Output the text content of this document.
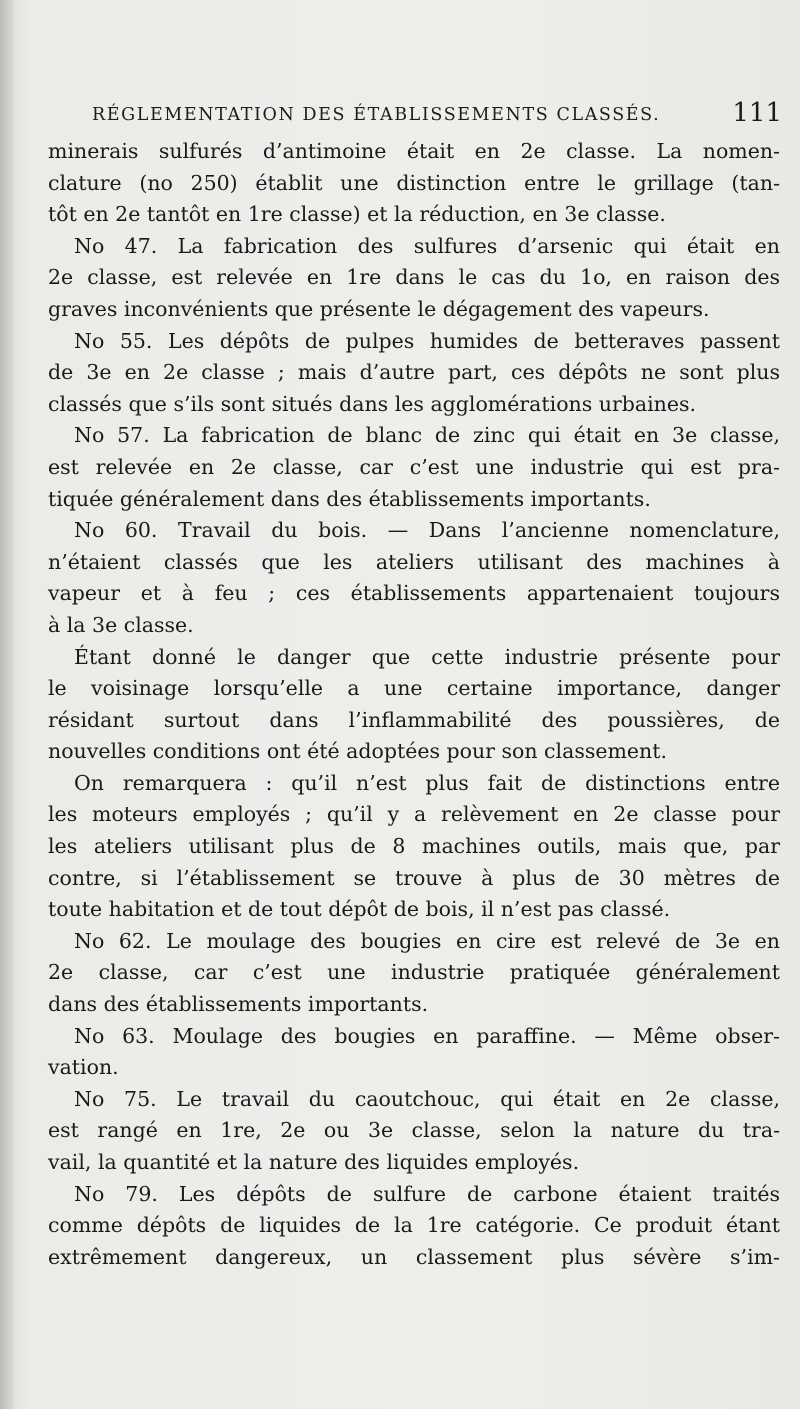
RÉGLEMENTATION DES ÉTABLISSEMENTS CLASSÉS.	111
minerais sulfurés d’antimoine était en 2e classe. La nomen-
clature (no 250) établit une distinction entre le grillage (tan-
tôt en 2e tantôt en 1re classe) et la réduction, en 3e classe.
No 47. La fabrication des sulfures d’arsenic qui était en
2e classe, est relevée en 1re dans le cas du 1o, en raison des
graves inconvénients que présente le dégagement des vapeurs.
No 55. Les dépôts de pulpes humides de betteraves passent
de 3e en 2e classe ; mais d’autre part, ces dépôts ne sont plus
classés que s’ils sont situés dans les agglomérations urbaines.
No 57. La fabrication de blanc de zinc qui était en 3e classe,
est relevée en 2e classe, car c’est une industrie qui est pra-
tiquée généralement dans des établissements importants.
No 60. Travail du bois. — Dans l’ancienne nomenclature,
n’étaient classés que les ateliers utilisant des machines à
vapeur et à feu ; ces établissements appartenaient toujours
à la 3e classe.
Étant donné le danger que cette industrie présente pour
le voisinage lorsqu’elle a une certaine importance, danger
résidant surtout dans l’inflammabilité des poussières, de
nouvelles conditions ont été adoptées pour son classement.
On remarquera : qu’il n’est plus fait de distinctions entre
les moteurs employés ; qu’il y a relèvement en 2e classe pour
les ateliers utilisant plus de 8 machines outils, mais que, par
contre, si l’établissement se trouve à plus de 30 mètres de
toute habitation et de tout dépôt de bois, il n’est pas classé.
No 62. Le moulage des bougies en cire est relevé de 3e en
2e classe, car c’est une industrie pratiquée généralement
dans des établissements importants.
No 63. Moulage des bougies en paraffine. — Même obser-
vation.
No 75. Le travail du caoutchouc, qui était en 2e classe,
est rangé en 1re, 2e ou 3e classe, selon la nature du tra-
vail, la quantité et la nature des liquides employés.
No 79. Les dépôts de sulfure de carbone étaient traités
comme dépôts de liquides de la 1re catégorie. Ce produit étant
extrêmement dangereux, un classement plus sévère s’im-
